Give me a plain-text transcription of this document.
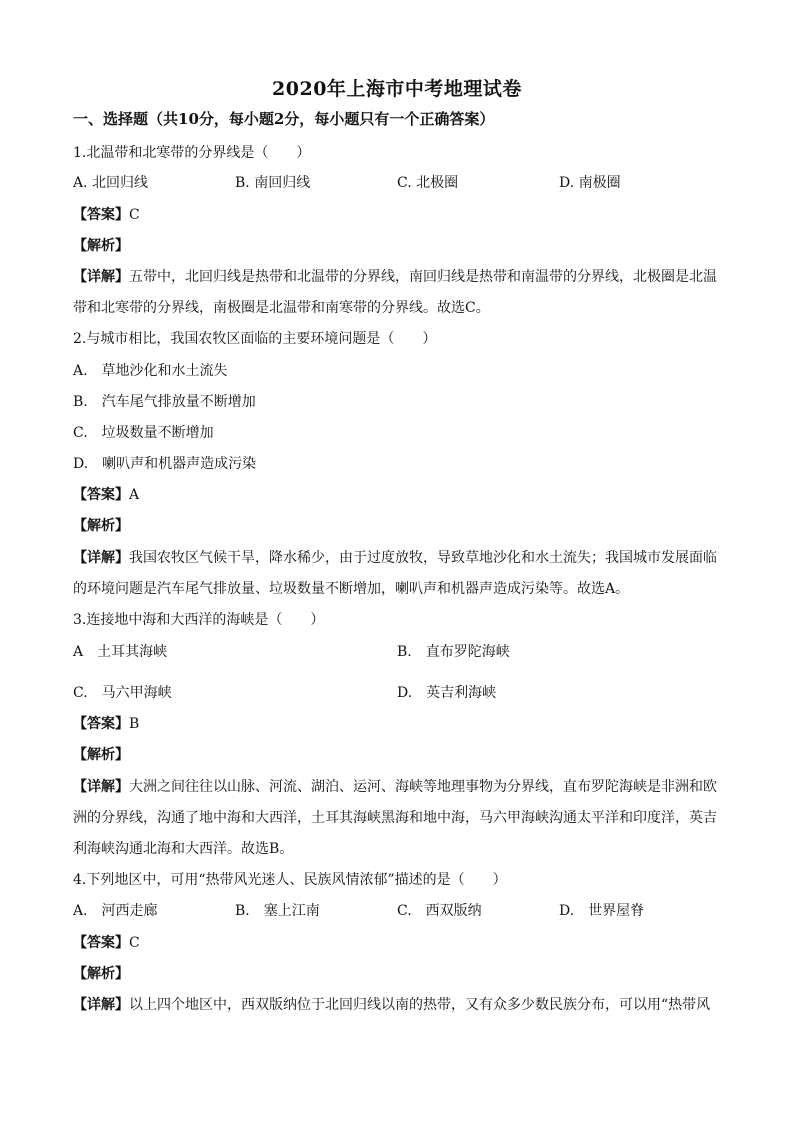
2020年上海市中考地理试卷
一、选择题（共10分，每小题2分，每小题只有一个正确答案）
1.北温带和北寒带的分界线是（　　）
A. 北回归线	B. 南回归线	C. 北极圈	D. 南极圈
【答案】C
【解析】
【详解】五带中，北回归线是热带和北温带的分界线，南回归线是热带和南温带的分界线，北极圈是北温
带和北寒带的分界线，南极圈是北温带和南寒带的分界线。故选C。
2.与城市相比，我国农牧区面临的主要环境问题是（　　）
A.　草地沙化和水土流失
B.　汽车尾气排放量不断增加
C.　垃圾数量不断增加
D.　喇叭声和机器声造成污染
【答案】A
【解析】
【详解】我国农牧区气候干旱，降水稀少，由于过度放牧，导致草地沙化和水土流失；我国城市发展面临
的环境问题是汽车尾气排放量、垃圾数量不断增加，喇叭声和机器声造成污染等。故选A。
3.连接地中海和大西洋的海峡是（　　）
A　土耳其海峡	B.　直布罗陀海峡
C.　马六甲海峡	D.　英吉利海峡
【答案】B
【解析】
【详解】大洲之间往往以山脉、河流、湖泊、运河、海峡等地理事物为分界线，直布罗陀海峡是非洲和欧
洲的分界线，沟通了地中海和大西洋，土耳其海峡黑海和地中海，马六甲海峡沟通太平洋和印度洋，英吉
利海峡沟通北海和大西洋。故选B。
4.下列地区中，可用“热带风光迷人、民族风情浓郁”描述的是（　　）
A.　河西走廊	B.　塞上江南	C.　西双版纳	D.　世界屋脊
【答案】C
【解析】
【详解】以上四个地区中，西双版纳位于北回归线以南的热带，又有众多少数民族分布，可以用“热带风
